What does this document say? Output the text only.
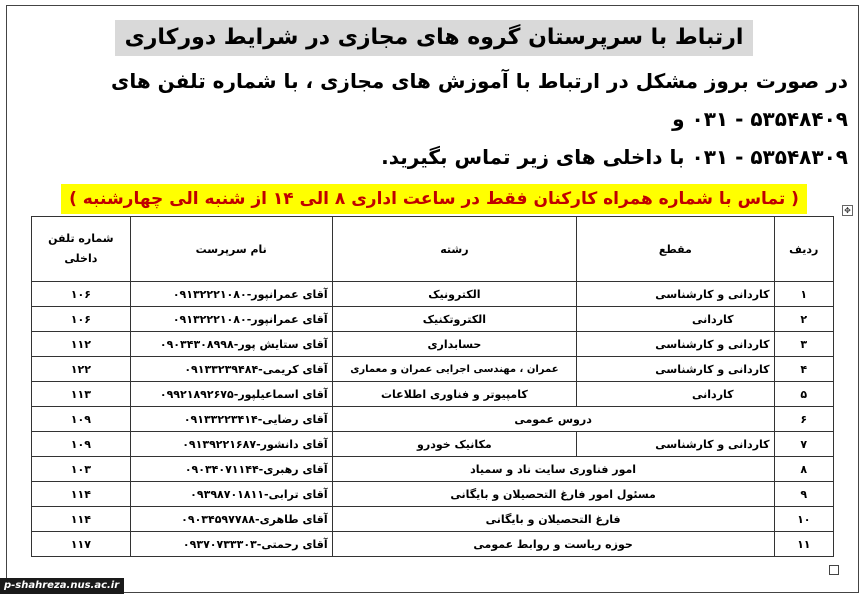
ارتباط با سرپرستان گروه های مجازی در شرایط دورکاری
در صورت بروز مشکل در ارتباط با آموزش های مجازی ، با شماره تلفن های ۵۳۵۴۸۴۰۹ - ۰۳۱ و
۵۳۵۴۸۳۰۹ - ۰۳۱ با داخلی های زیر تماس بگیرید.
( تماس با شماره همراه کارکنان فقط در ساعت اداری ۸ الی ۱۴ از شنبه الی چهارشنبه )
✥
ردیف	مقطع	رشته	نام سرپرست	شماره تلفن داخلی
۱	کاردانی و کارشناسی	الکترونیک	آقای عمرانپور-۰۹۱۳۲۲۲۱۰۸۰	۱۰۶
۲	کاردانی	الکتروتکنیک	آقای عمرانپور-۰۹۱۳۲۲۲۱۰۸۰	۱۰۶
۳	کاردانی و کارشناسی	حسابداری	آقای ستایش پور-۰۹۰۳۴۳۰۸۹۹۸	۱۱۲
۴	کاردانی و کارشناسی	عمران ، مهندسی اجرایی عمران و معماری	آقای کریمی-۰۹۱۳۳۲۳۹۴۸۴	۱۲۲
۵	کاردانی	کامپیوتر و فناوری اطلاعات	آقای اسماعیلپور-۰۹۹۲۱۸۹۲۶۷۵	۱۱۳
۶	دروس عمومی		آقای رضایی-۰۹۱۳۳۲۲۳۴۱۴	۱۰۹
۷	کاردانی و کارشناسی	مکانیک خودرو	آقای دانشور-۰۹۱۳۹۲۲۱۶۸۷	۱۰۹
۸	امور فناوری سایت ناد و سمیاد		آقای رهبری-۰۹۰۳۴۰۷۱۱۴۴	۱۰۳
۹	مسئول امور فارغ التحصیلان و بایگانی		آقای ترابی-۰۹۳۹۸۷۰۱۸۱۱	۱۱۴
۱۰	فارغ التحصیلان و بایگانی		آقای طاهری-۰۹۰۳۴۵۹۷۷۸۸	۱۱۴
۱۱	حوزه ریاست و روابط عمومی		آقای رحمتی-۰۹۳۷۰۷۳۳۳۰۳	۱۱۷
p-shahreza.nus.ac.ir
